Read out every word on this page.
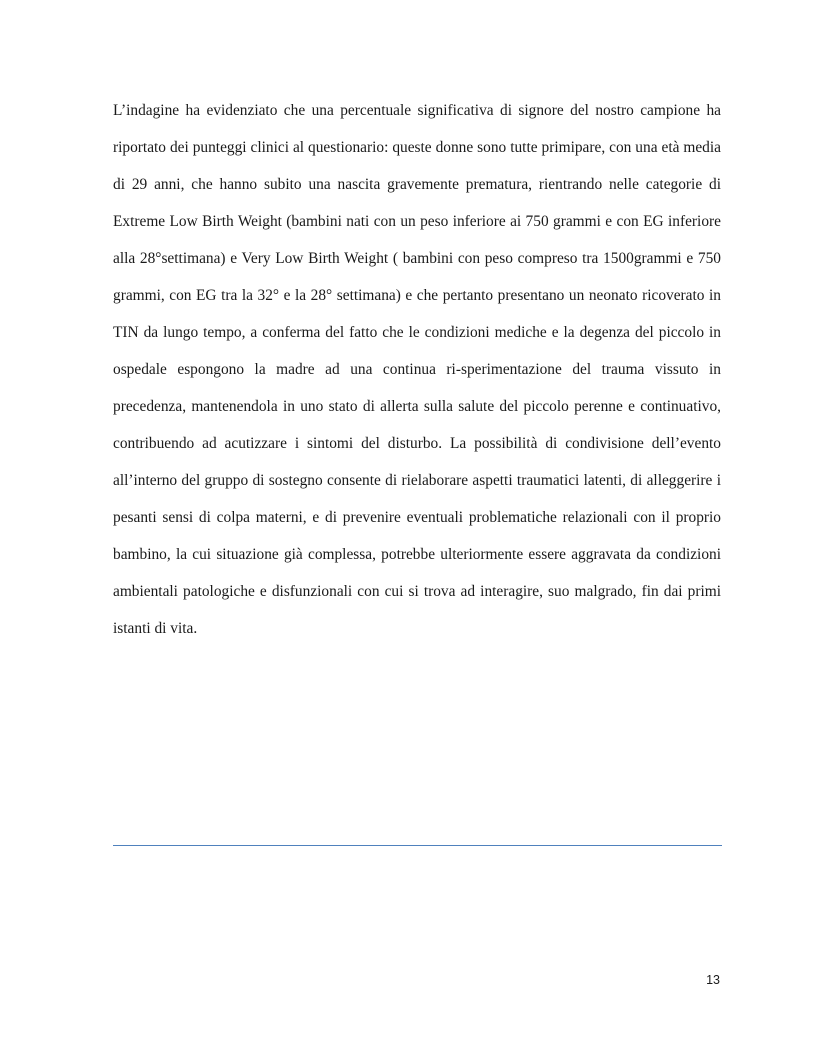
L’indagine ha evidenziato che una percentuale significativa di signore del nostro campione ha riportato dei punteggi clinici al questionario: queste donne sono tutte primipare, con una età media di 29 anni, che hanno subito una nascita gravemente prematura, rientrando nelle categorie di Extreme Low Birth Weight (bambini nati con un peso inferiore ai 750 grammi e con EG inferiore alla 28°settimana) e Very Low Birth Weight ( bambini con peso compreso tra 1500grammi e 750 grammi, con EG tra la 32° e la 28° settimana) e che pertanto presentano un neonato ricoverato in TIN da lungo tempo, a conferma del fatto che le condizioni mediche e la degenza del piccolo in ospedale espongono la madre ad una continua ri-sperimentazione del trauma vissuto in precedenza, mantenendola in uno stato di allerta sulla salute del piccolo perenne e continuativo, contribuendo ad acutizzare i sintomi del disturbo. La possibilità di condivisione dell’evento all’interno del gruppo di sostegno consente di rielaborare aspetti traumatici latenti, di alleggerire i pesanti sensi di colpa materni, e di prevenire eventuali problematiche relazionali con il proprio bambino, la cui situazione già complessa, potrebbe ulteriormente essere aggravata da condizioni ambientali patologiche e disfunzionali con cui si trova ad interagire, suo malgrado, fin dai primi istanti di vita.

13
